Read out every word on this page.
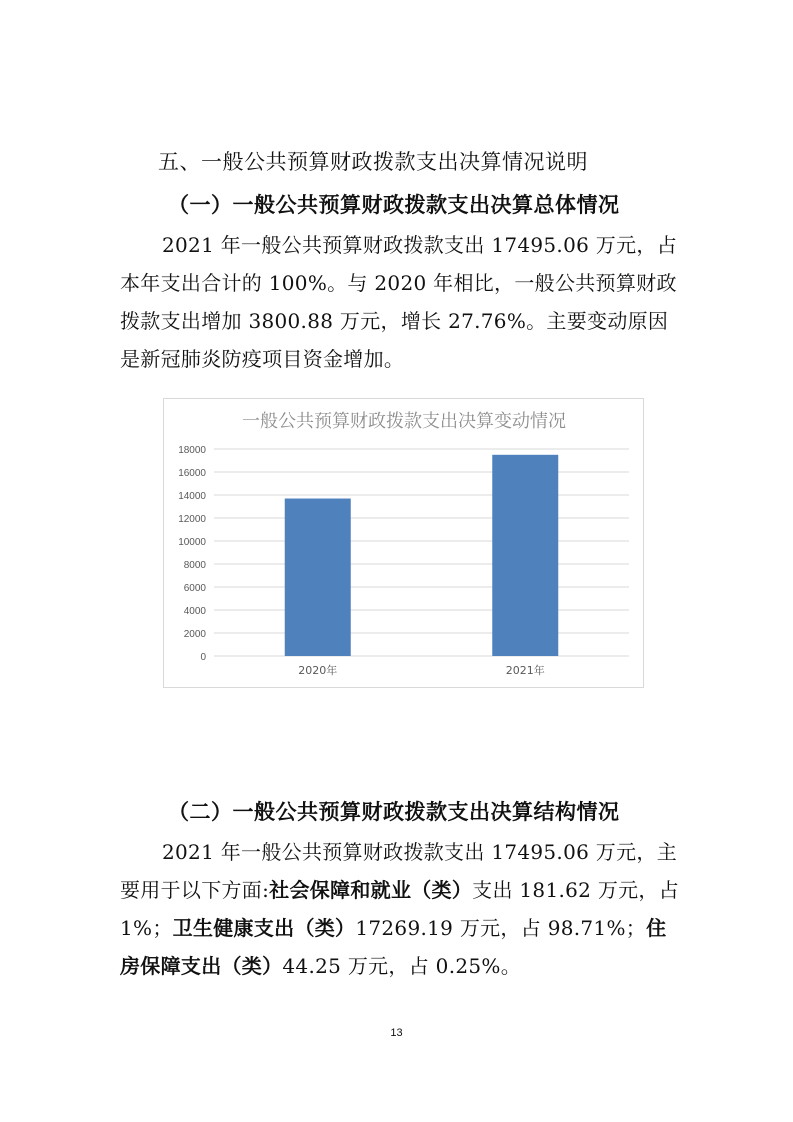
五、一般公共预算财政拨款支出决算情况说明
（一）一般公共预算财政拨款支出决算总体情况

2021 年一般公共预算财政拨款支出 17495.06 万元，占本年支出合计的 100%。与 2020 年相比，一般公共预算财政拨款支出增加 3800.88 万元，增长 27.76%。主要变动原因是新冠肺炎防疫项目资金增加。

一般公共预算财政拨款支出决算变动情况
0
2000
4000
6000
8000
10000
12000
14000
16000
18000
2020年	2021年
（二）一般公共预算财政拨款支出决算结构情况

2021 年一般公共预算财政拨款支出 17495.06 万元，主要用于以下方面:社会保障和就业（类）支出 181.62 万元，占 1%；卫生健康支出（类）17269.19 万元，占 98.71%；住房保障支出（类）44.25 万元，占 0.25%。

13
